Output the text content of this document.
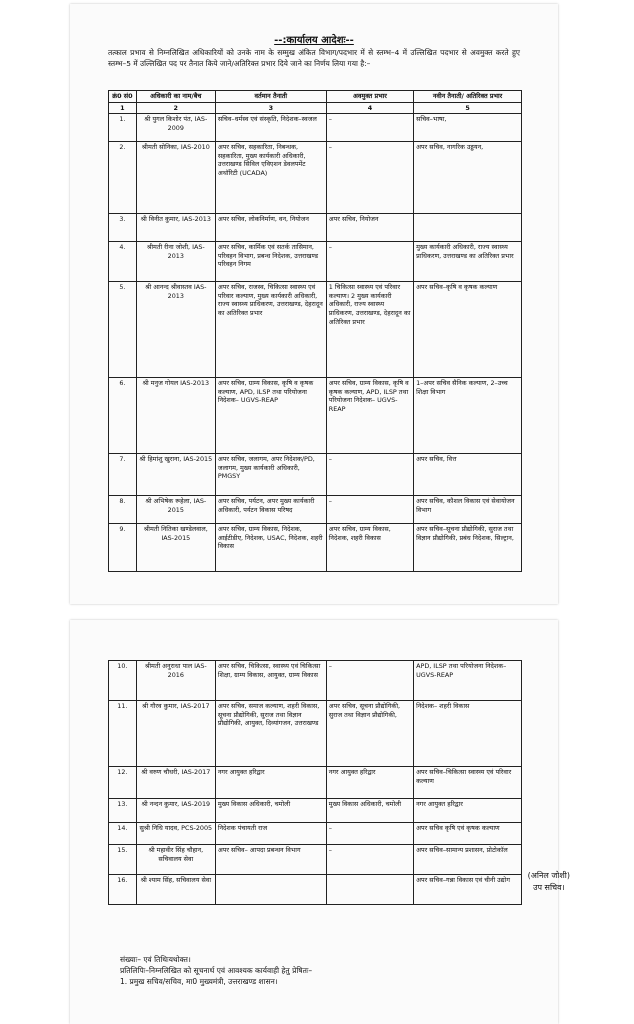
--:कार्यालय आदेशः--
तत्काल प्रभाव से निम्नलिखित अधिकारियों को उनके नाम के सम्मुख अंकित विभाग/पदभार में से स्तम्भ–4 में उल्लिखित पदभार से अवमुक्त करते हुए स्तम्भ–5 में उल्लिखित पद पर तैनात किये जाने/अतिरिक्त प्रभार दिये जाने का निर्णय लिया गया है:–
क्रं0 सं0	अधिकारी का नाम/बैच	वर्तमान तैनाती	अवमुक्त प्रभार	नवीन तैनाती/ अतिरिक्त प्रभार
1	2	3	4	5
1.	श्री युगल किशोर पंत, IAS-2009	सचिव–धर्मस्व एवं संस्कृति, निदेशक–स्वजल	–	सचिव–भाषा,
2.	श्रीमती सोनिका, IAS-2010	अपर सचिव, सहकारिता, निबन्धक, सहकारिता, मुख्य कार्यकारी अधिकारी, उत्तराखण्ड सिविल एविएशन डेवलपमेंट अथॉरिटी (UCADA)	–	अपर सचिव, नागरिक उड्डयन,
3.	श्री विनीत कुमार, IAS-2013	अपर सचिव, लोकनिर्माण, वन, नियोजन	अपर सचिव, नियोजन	
4.	श्रीमती रीना जोशी, IAS-2013	अपर सचिव, कार्मिक एवं सतर्क तासिमान, परिवहन विभाग, प्रबन्ध निदेशक, उत्तराखण्ड परिवहन निगम	–	मुख्य कार्यकारी अधिकारी, राज्य स्वास्थ्य प्राधिकरण, उत्तराखण्ड का अतिरिक्त प्रभार
5.	श्री आनन्द श्रीवास्तव IAS-2013	अपर सचिव, राजस्व, चिकित्सा स्वास्थ्य एवं परिवार कल्याण, मुख्य कार्यकारी अधिकारी, राज्य स्वास्थ्य प्राधिकरण, उत्तराखण्ड, देहरादून का अतिरिक्त प्रभार	1 चिकित्सा स्वास्थ्य एवं परिवार कल्याण। 2 मुख्य कार्यकारी अधिकारी, राज्य स्वास्थ्य प्राधिकरण, उत्तराखण्ड, देहरादून का अतिरिक्त प्रभार	अपर सचिव–कृषि व कृषक कल्याण
6.	श्री मनुज गोयल IAS-2013	अपर सचिव, ग्राम्य विकास, कृषि व कृषक कल्याण, APD, ILSP तथा परियोजना निदेशक– UGVS-REAP	अपर सचिव, ग्राम्य विकास, कृषि व कृषक कल्याण, APD, ILSP तथा परियोजना निदेशक– UGVS-REAP	1–अपर सचिव सैनिक कल्याण, 2–उच्च शिक्षा विभाग
7.	श्री हिमांशु खुराना, IAS-2015	अपर सचिव, जलागम, अपर निदेशक/PD, जलागम, मुख्य कार्यकारी अधिकारी, PMGSY	–	अपर सचिव, वित्त
8.	श्री अभिषेक रूहेला, IAS-2015	अपर सचिव, पर्यटन, अपर मुख्य कार्यकारी अधिकारी, पर्यटन विकास परिषद	–	अपर सचिव, कौशल विकास एवं सेवायोजन विभाग
9.	श्रीमती नितिका खण्डेलवाल, IAS-2015	अपर सचिव, ग्राम्य विकास, निदेशक, आईटीडीए, निदेशक, USAC, निदेशक, शहरी विकास	अपर सचिव, ग्राम्य विकास, निदेशक, शहरी विकास	अपर सचिव–सूचना प्रौद्योगिकी, सुराज तथा विज्ञान प्रौद्योगिकी, प्रबंध निदेशक, सिल्ट्रान,
10.	श्रीमती अनुराधा पाल IAS-2016	अपर सचिव, चिकित्सा, स्वास्थ्य एवं चिकित्सा शिक्षा, ग्राम्य विकास, आयुक्त, ग्राम्य विकास	–	APD, ILSP तथा परियोजना निदेशक– UGVS-REAP
11.	श्री गौरव कुमार, IAS-2017	अपर सचिव, समाज कल्याण, शहरी विकास, सूचना प्रौद्योगिकी, सुराज तथा विज्ञान प्रौद्योगिकी, आयुक्त, दिव्यांगजन, उत्तराखण्ड	अपर सचिव, सूचना प्रौद्योगिकी, सुराज तथा विज्ञान प्रौद्योगिकी,	निदेशक– शहरी विकास
12.	श्री वरुण चौधरी, IAS-2017	नगर आयुक्त हरिद्वार	नगर आयुक्त हरिद्वार	अपर सचिव–चिकित्सा स्वास्थ्य एवं परिवार कल्याण
13.	श्री नन्दन कुमार, IAS-2019	मुख्य विकास अधिकारी, चमोली	मुख्य विकास अधिकारी, चमोली	नगर आयुक्त हरिद्वार
14.	सुश्री निधि यादव, PCS-2005	निदेशक पंचायती राज	–	अपर सचिव कृषि एवं कृषक कल्याण
15.	श्री महावीर सिंह चौहान, सचिवालय सेवा	अपर सचिव– आपदा प्रबन्धन विभाग	–	अपर सचिव–सामान्य प्रशासन, प्रोटोकॉल
16.	श्री श्याम सिंह, सचिवालय सेवा			अपर सचिव–गन्ना विकास एवं चीनी उद्योग (अनिल जोशी)
उप सचिव।
संख्याः– एवं तिथिःयथोक्त।
प्रतिलिपिः–निम्नलिखित को सूचनार्थ एवं आवश्यक कार्यवाही हेतु प्रेषितः–
1. प्रमुख सचिव/सचिव, मा0 मुख्यमंत्री, उत्तराखण्ड शासन।
